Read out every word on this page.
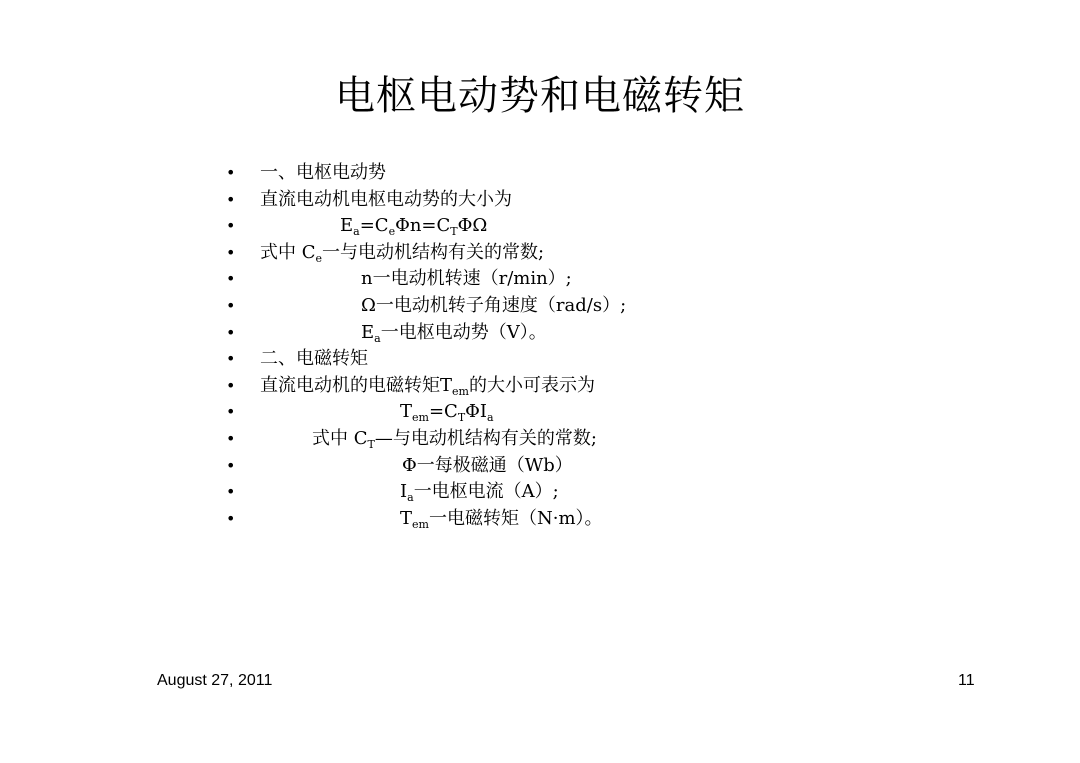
电枢电动势和电磁转矩
• 一、电枢电动势
• 直流电动机电枢电动势的大小为
•	$E_a=C_e\Phi n=C_T\Phi\Omega$
• 式中 $C_e$一与电动机结构有关的常数;
•	n一电动机转速（r/min）;
•	Ω一电动机转子角速度（rad/s）;
•	$E_a$一电枢电动势（V）。
• 二、电磁转矩
• 直流电动机的电磁转矩$T_{em}$的大小可表示为
•	$T_{em}=C_T\Phi I_a$
•	式中 $C_T—$与电动机结构有关的常数;
•	Φ一每极磁通（Wb）
•	$I_a$一电枢电流（A）;
•	$T_{em}$一电磁转矩（N·m）。
August 27, 2011	11
